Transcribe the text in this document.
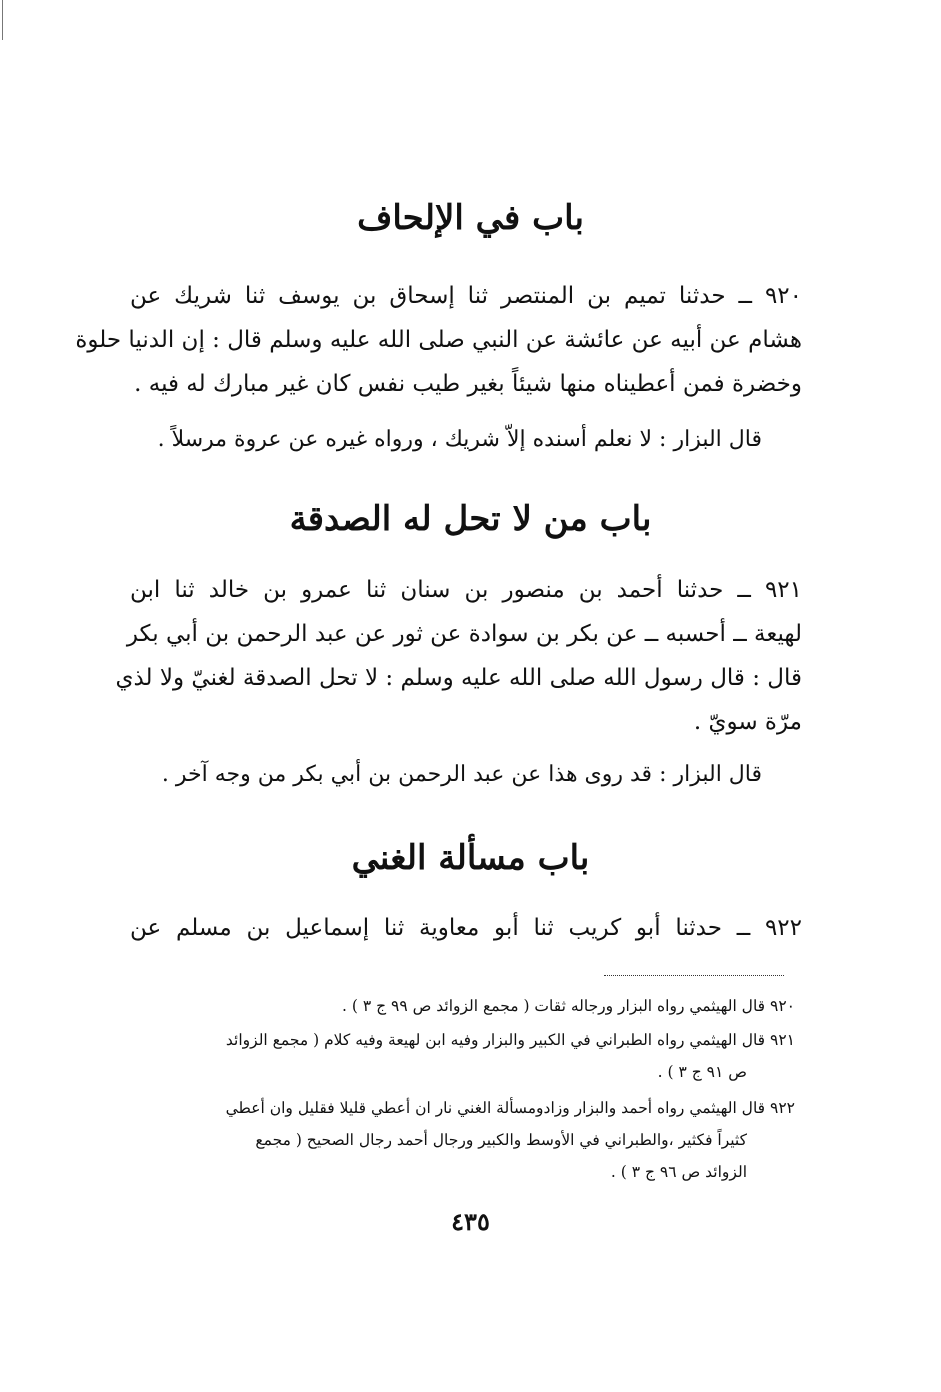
باب في الإلحاف
٩٢٠ ــ حدثنا تميم بن المنتصر ثنا إسحاق بن يوسف ثنا شريك عن
هشام عن أبيه عن عائشة عن النبي صلى الله عليه وسلم قال : إن الدنيا حلوة
وخضرة فمن أعطيناه منها شيئاً بغير طيب نفس كان غير مبارك له فيه .

قال البزار : لا نعلم أسنده إلاّ شريك ، ورواه غيره عن عروة مرسلاً .

باب من لا تحل له الصدقة
٩٢١ ــ حدثنا أحمد بن منصور بن سنان ثنا عمرو بن خالد ثنا ابن
لهيعة ــ أحسبه ــ عن بكر بن سوادة عن ثور عن عبد الرحمن بن أبي بكر
قال : قال رسول الله صلى الله عليه وسلم : لا تحل الصدقة لغنيّ ولا لذي
مرّة سويّ .

قال البزار : قد روى هذا عن عبد الرحمن بن أبي بكر من وجه آخر .

باب مسألة الغني
٩٢٢ ــ حدثنا أبو كريب ثنا أبو معاوية ثنا إسماعيل بن مسلم عن
٩٢٠ قال الهيثمي رواه البزار ورجاله ثقات ( مجمع الزوائد ص ٩٩ ج ٣ ) .
٩٢١ قال الهيثمي رواه الطبراني في الكبير والبزار وفيه ابن لهيعة وفيه كلام ( مجمع الزوائد
ص ٩١ ج ٣ ) .
٩٢٢ قال الهيثمي رواه أحمد والبزار وزادومسألة الغني نار ان أعطي قليلا فقليل وان أعطي
كثيراً فكثير ،والطبراني في الأوسط والكبير ورجال أحمد رجال الصحيح ( مجمع
الزوائد ص ٩٦ ج ٣ ) .
٤٣٥
